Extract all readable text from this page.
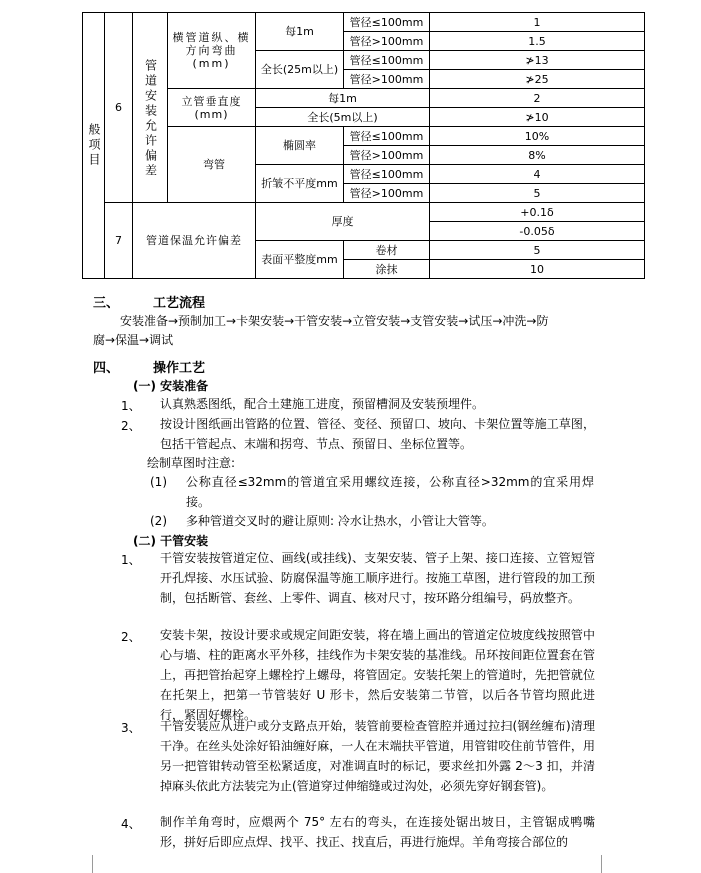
般项目	6	管道安装允许偏差	横管道纵、横方向弯曲(mm)	每1m	管径≤100mm	1
					管径>100mm	1.5
				全长(25m以上)	管径≤100mm	≯13
					管径>100mm	≯25
			立管垂直度(mm)	每1m		2
				全长(5m以上)		≯10
			弯管	椭圆率	管径≤100mm	10%
					管径>100mm	8%
				折皱不平度mm	管径≤100mm	4
					管径>100mm	5
	7	管道保温允许偏差		厚度		+0.1δ
						-0.05δ
				表面平整度mm	卷材	5
					涂抹	10
三、	工艺流程
安装准备→预制加工→卡架安装→干管安装→立管安装→支管安装→试压→冲洗→防
腐→保温→调试
四、	操作工艺
(一) 安装准备
1、 认真熟悉图纸，配合土建施工进度，预留槽洞及安装预埋件。
2、 按设计图纸画出管路的位置、管径、变径、预留口、坡向、卡架位置等施工草图，包括干管起点、末端和拐弯、节点、预留日、坐标位置等。
绘制草图时注意:
(1) 公称直径≤32mm的管道宜采用螺纹连接，公称直径>32mm的宜采用焊接。
(2) 多种管道交叉时的避让原则: 冷水让热水，小管让大管等。
(二) 干管安装
1、 干管安装按管道定位、画线(或挂线)、支架安装、管子上架、接口连接、立管短管开孔焊接、水压试验、防腐保温等施工顺序进行。按施工草图，进行管段的加工预制，包括断管、套丝、上零件、调直、核对尺寸，按环路分组编号，码放整齐。
2、 安装卡架，按设计要求或规定间距安装，将在墙上画出的管道定位坡度线按照管中心与墙、柱的距离水平外移，挂线作为卡架安装的基准线。吊环按间距位置套在管上，再把管抬起穿上螺栓拧上螺母，将管固定。安装托架上的管道时，先把管就位在托架上，把第一节管装好 U 形卡，然后安装第二节管，以后各节管均照此进行，紧固好螺栓。
3、 干管安装应从进户或分支路点开始，装管前要检查管腔并通过拉扫(钢丝缠布)清理干净。在丝头处涂好铅油缠好麻，一人在末端扶平管道，用管钳咬住前节管件，用另一把管钳转动管至松紧适度，对准调直时的标记，要求丝扣外露 2～3 扣，并清掉麻头依此方法装完为止(管道穿过伸缩缝或过沟处，必须先穿好钢套管)。
4、 制作羊角弯时，应煨两个 75° 左右的弯头，在连接处锯出坡日，主管锯成鸭嘴形，拼好后即应点焊、找平、找正、找直后，再进行施焊。羊角弯接合部位的
